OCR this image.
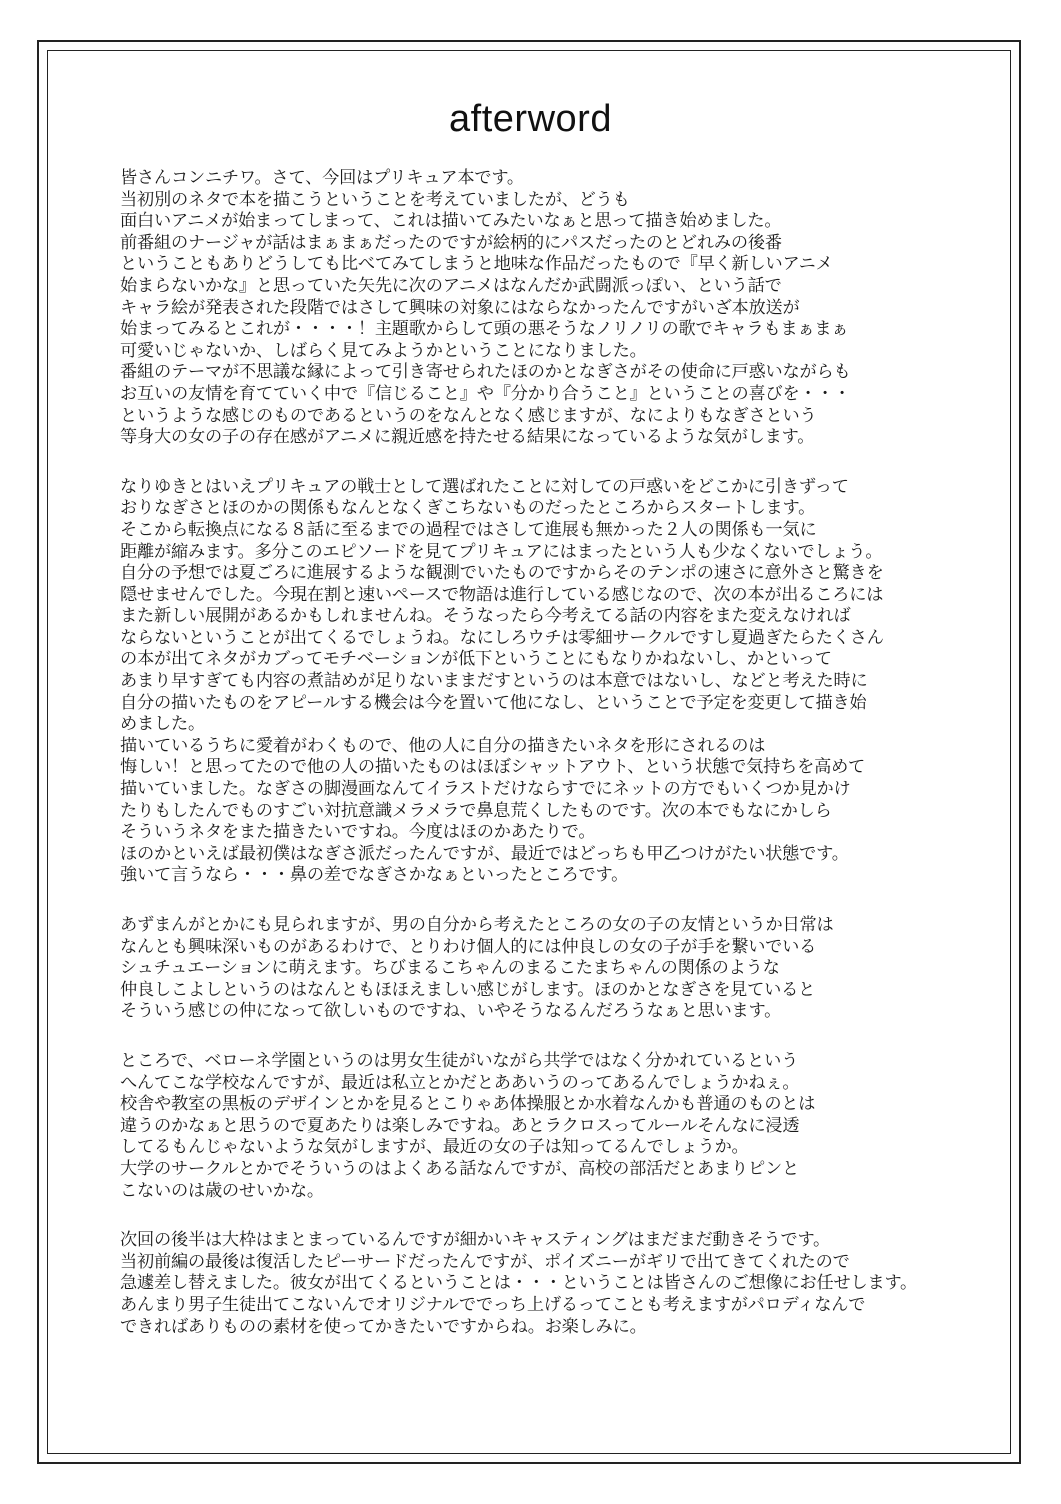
afterword
皆さんコンニチワ。さて、今回はプリキュア本です。
当初別のネタで本を描こうということを考えていましたが、どうも
面白いアニメが始まってしまって、これは描いてみたいなぁと思って描き始めました。
前番組のナージャが話はまぁまぁだったのですが絵柄的にパスだったのとどれみの後番
ということもありどうしても比べてみてしまうと地味な作品だったもので『早く新しいアニメ
始まらないかな』と思っていた矢先に次のアニメはなんだか武闘派っぽい、という話で
キャラ絵が発表された段階ではさして興味の対象にはならなかったんですがいざ本放送が
始まってみるとこれが・・・・！主題歌からして頭の悪そうなノリノリの歌でキャラもまぁまぁ
可愛いじゃないか、しばらく見てみようかということになりました。
番組のテーマが不思議な縁によって引き寄せられたほのかとなぎさがその使命に戸惑いながらも
お互いの友情を育てていく中で『信じること』や『分かり合うこと』ということの喜びを・・・
というような感じのものであるというのをなんとなく感じますが、なによりもなぎさという
等身大の女の子の存在感がアニメに親近感を持たせる結果になっているような気がします。
なりゆきとはいえプリキュアの戦士として選ばれたことに対しての戸惑いをどこかに引きずって
おりなぎさとほのかの関係もなんとなくぎこちないものだったところからスタートします。
そこから転換点になる８話に至るまでの過程ではさして進展も無かった２人の関係も一気に
距離が縮みます。多分このエピソードを見てプリキュアにはまったという人も少なくないでしょう。
自分の予想では夏ごろに進展するような観測でいたものですからそのテンポの速さに意外さと驚きを
隠せませんでした。今現在割と速いペースで物語は進行している感じなので、次の本が出るころには
また新しい展開があるかもしれませんね。そうなったら今考えてる話の内容をまた変えなければ
ならないということが出てくるでしょうね。なにしろウチは零細サークルですし夏過ぎたらたくさん
の本が出てネタがカブってモチベーションが低下ということにもなりかねないし、かといって
あまり早すぎても内容の煮詰めが足りないままだすというのは本意ではないし、などと考えた時に
自分の描いたものをアピールする機会は今を置いて他になし、ということで予定を変更して描き始
めました。
描いているうちに愛着がわくもので、他の人に自分の描きたいネタを形にされるのは
悔しい！と思ってたので他の人の描いたものはほぼシャットアウト、という状態で気持ちを高めて
描いていました。なぎさの脚漫画なんてイラストだけならすでにネットの方でもいくつか見かけ
たりもしたんでものすごい対抗意識メラメラで鼻息荒くしたものです。次の本でもなにかしら
そういうネタをまた描きたいですね。今度はほのかあたりで。
ほのかといえば最初僕はなぎさ派だったんですが、最近ではどっちも甲乙つけがたい状態です。
強いて言うなら・・・鼻の差でなぎさかなぁといったところです。
あずまんがとかにも見られますが、男の自分から考えたところの女の子の友情というか日常は
なんとも興味深いものがあるわけで、とりわけ個人的には仲良しの女の子が手を繋いでいる
シュチュエーションに萌えます。ちびまるこちゃんのまるこたまちゃんの関係のような
仲良しこよしというのはなんともほほえましい感じがします。ほのかとなぎさを見ていると
そういう感じの仲になって欲しいものですね、いやそうなるんだろうなぁと思います。
ところで、ベローネ学園というのは男女生徒がいながら共学ではなく分かれているという
へんてこな学校なんですが、最近は私立とかだとああいうのってあるんでしょうかねぇ。
校舎や教室の黒板のデザインとかを見るとこりゃあ体操服とか水着なんかも普通のものとは
違うのかなぁと思うので夏あたりは楽しみですね。あとラクロスってルールそんなに浸透
してるもんじゃないような気がしますが、最近の女の子は知ってるんでしょうか。
大学のサークルとかでそういうのはよくある話なんですが、高校の部活だとあまりピンと
こないのは歳のせいかな。
次回の後半は大枠はまとまっているんですが細かいキャスティングはまだまだ動きそうです。
当初前編の最後は復活したピーサードだったんですが、ポイズニーがギリで出てきてくれたので
急遽差し替えました。彼女が出てくるということは・・・ということは皆さんのご想像にお任せします。
あんまり男子生徒出てこないんでオリジナルででっち上げるってことも考えますがパロディなんで
できればありものの素材を使ってかきたいですからね。お楽しみに。
